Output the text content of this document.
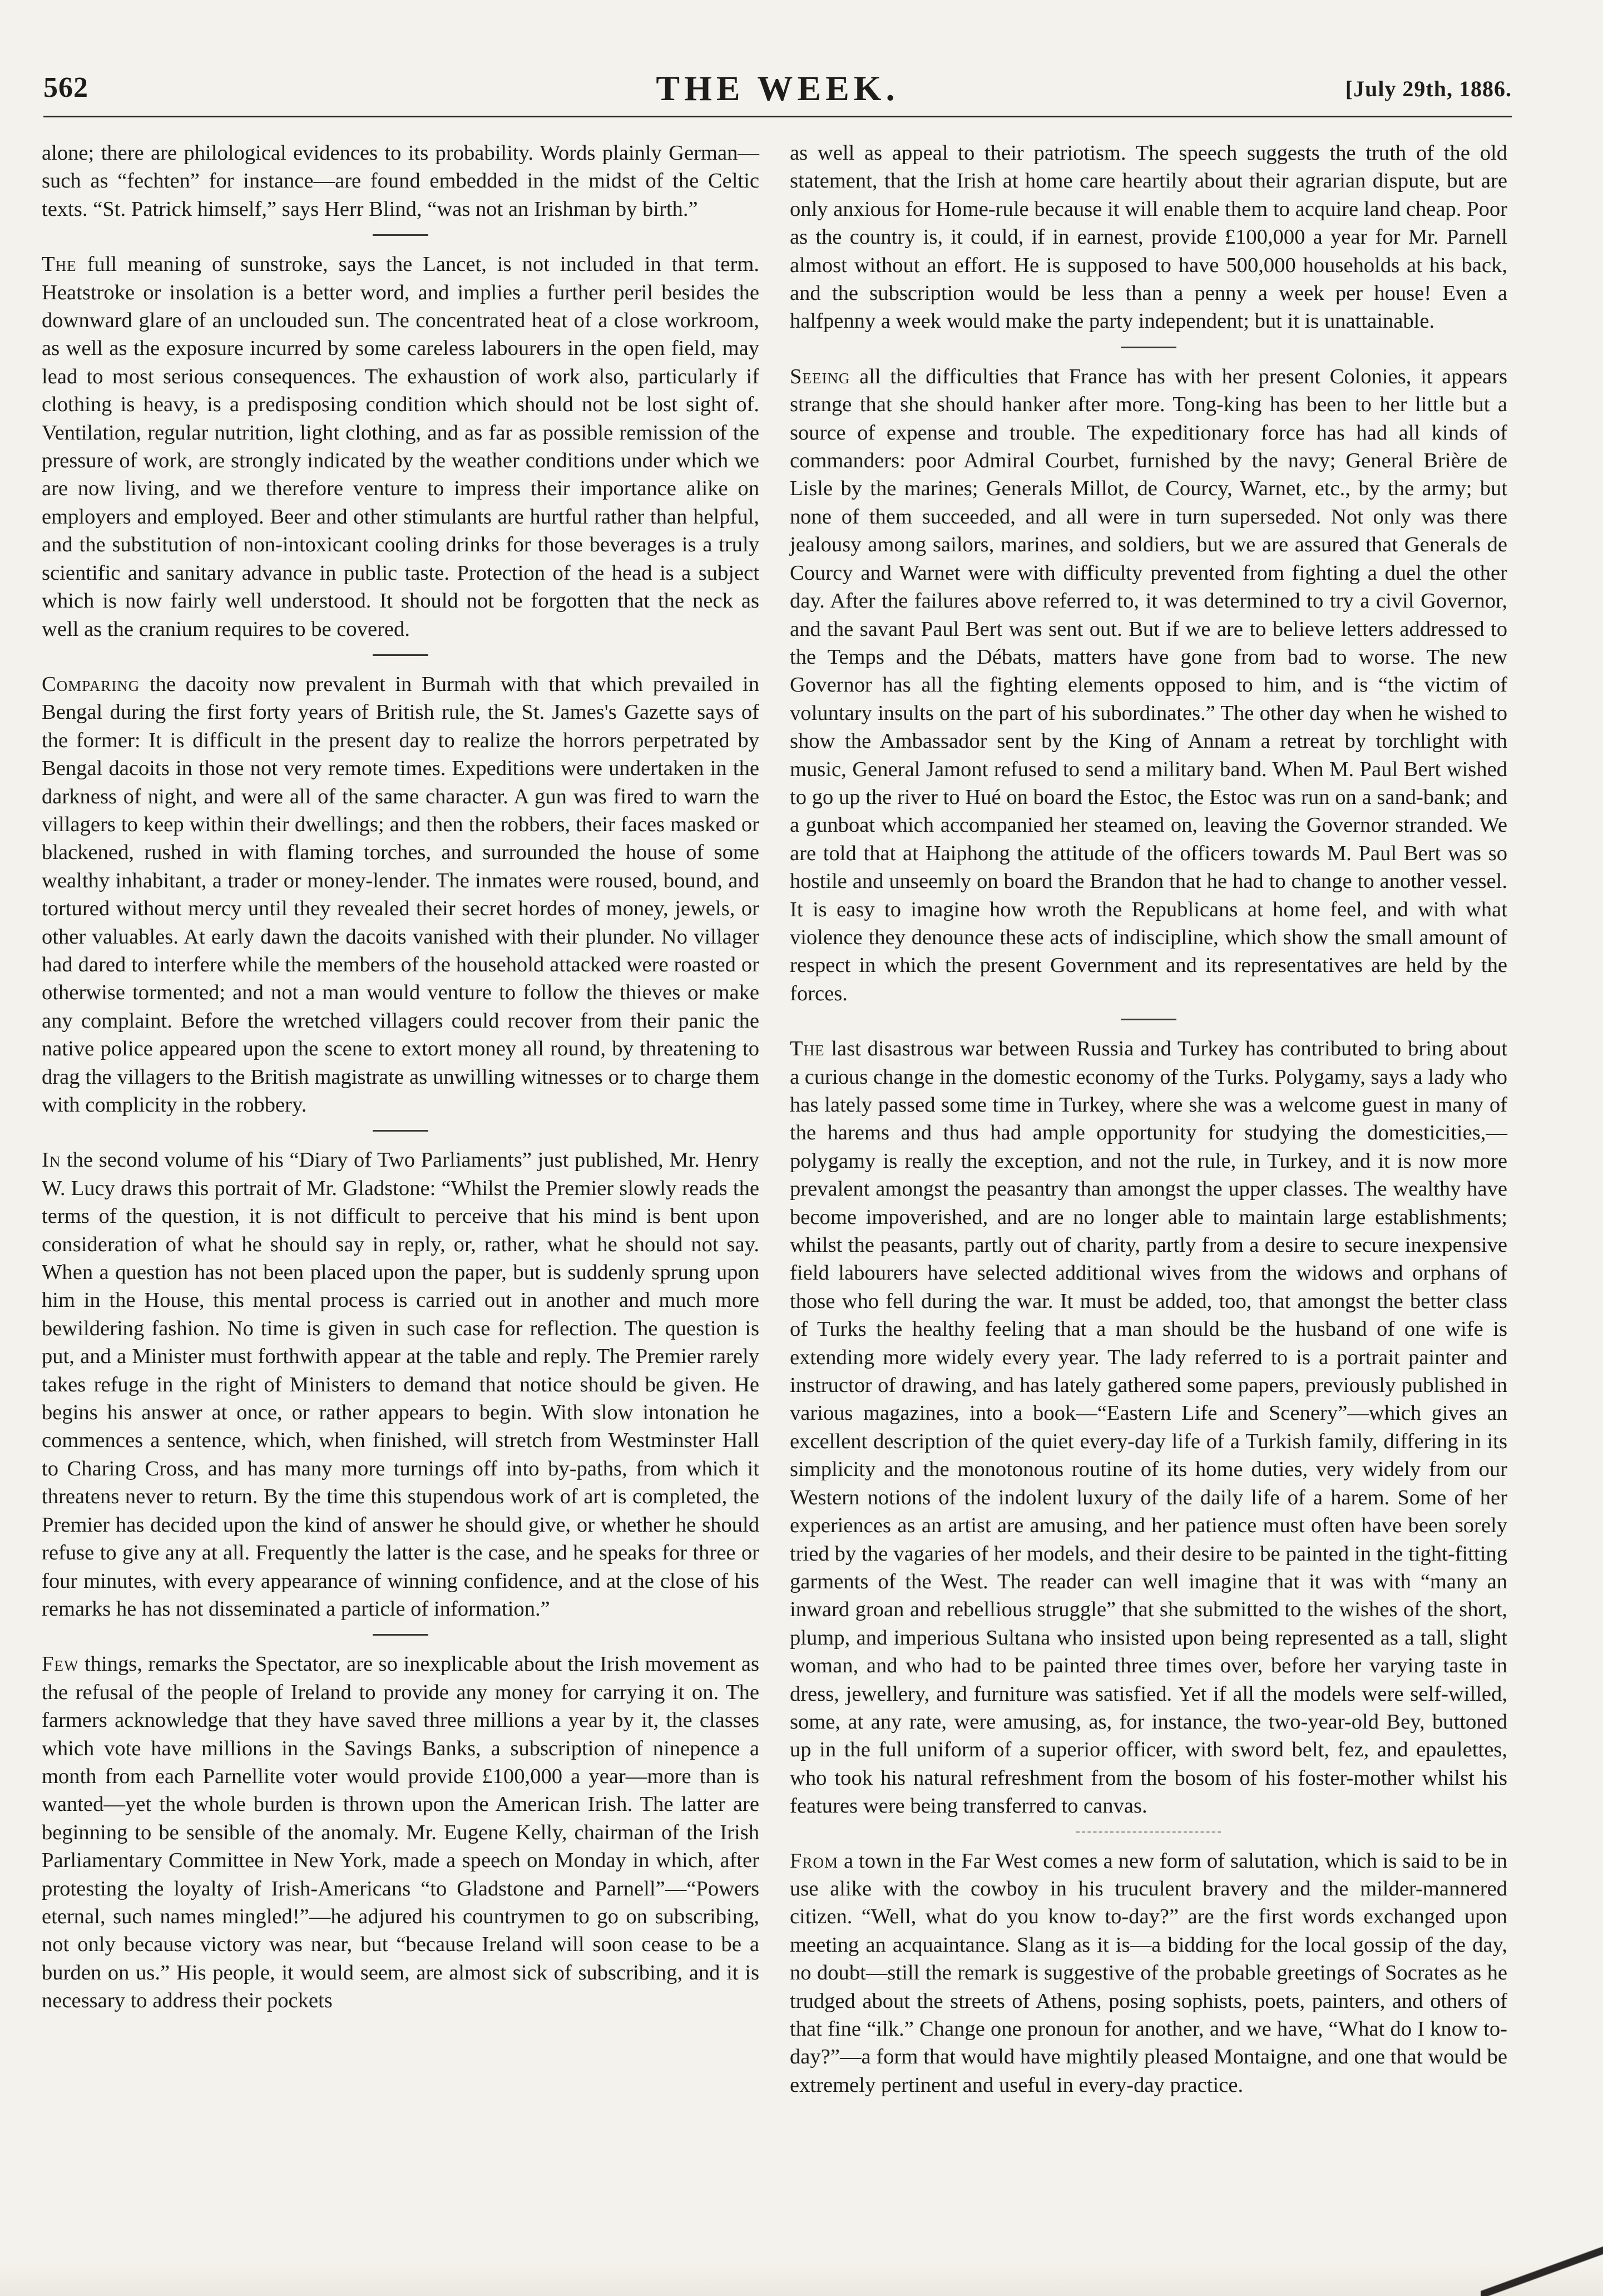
562	THE WEEK.	[July 29th, 1886.

alone; there are philological evidences to its probability. Words plainly German—such as “fechten” for instance—are found embedded in the midst of the Celtic texts. “St. Patrick himself,” says Herr Blind, “was not an Irishman by birth.”

The full meaning of sunstroke, says the Lancet, is not included in that term. Heatstroke or insolation is a better word, and implies a further peril besides the downward glare of an unclouded sun. The concentrated heat of a close workroom, as well as the exposure incurred by some careless labourers in the open field, may lead to most serious consequences. The exhaustion of work also, particularly if clothing is heavy, is a predisposing condition which should not be lost sight of. Ventilation, regular nutrition, light clothing, and as far as possible remission of the pressure of work, are strongly indicated by the weather conditions under which we are now living, and we therefore venture to impress their importance alike on employers and employed. Beer and other stimulants are hurtful rather than helpful, and the substitution of non-intoxicant cooling drinks for those beverages is a truly scientific and sanitary advance in public taste. Protection of the head is a subject which is now fairly well understood. It should not be forgotten that the neck as well as the cranium requires to be covered.

Comparing the dacoity now prevalent in Burmah with that which prevailed in Bengal during the first forty years of British rule, the St. James's Gazette says of the former: It is difficult in the present day to realize the horrors perpetrated by Bengal dacoits in those not very remote times. Expeditions were undertaken in the darkness of night, and were all of the same character. A gun was fired to warn the villagers to keep within their dwellings; and then the robbers, their faces masked or blackened, rushed in with flaming torches, and surrounded the house of some wealthy inhabitant, a trader or money-lender. The inmates were roused, bound, and tortured without mercy until they revealed their secret hordes of money, jewels, or other valuables. At early dawn the dacoits vanished with their plunder. No villager had dared to interfere while the members of the household attacked were roasted or otherwise tormented; and not a man would venture to follow the thieves or make any complaint. Before the wretched villagers could recover from their panic the native police appeared upon the scene to extort money all round, by threatening to drag the villagers to the British magistrate as unwilling witnesses or to charge them with complicity in the robbery.

In the second volume of his “Diary of Two Parliaments” just published, Mr. Henry W. Lucy draws this portrait of Mr. Gladstone: “Whilst the Premier slowly reads the terms of the question, it is not difficult to perceive that his mind is bent upon consideration of what he should say in reply, or, rather, what he should not say. When a question has not been placed upon the paper, but is suddenly sprung upon him in the House, this mental process is carried out in another and much more bewildering fashion. No time is given in such case for reflection. The question is put, and a Minister must forthwith appear at the table and reply. The Premier rarely takes refuge in the right of Ministers to demand that notice should be given. He begins his answer at once, or rather appears to begin. With slow intonation he commences a sentence, which, when finished, will stretch from Westminster Hall to Charing Cross, and has many more turnings off into by-paths, from which it threatens never to return. By the time this stupendous work of art is completed, the Premier has decided upon the kind of answer he should give, or whether he should refuse to give any at all. Frequently the latter is the case, and he speaks for three or four minutes, with every appearance of winning confidence, and at the close of his remarks he has not disseminated a particle of information.”

Few things, remarks the Spectator, are so inexplicable about the Irish movement as the refusal of the people of Ireland to provide any money for carrying it on. The farmers acknowledge that they have saved three millions a year by it, the classes which vote have millions in the Savings Banks, a subscription of ninepence a month from each Parnellite voter would provide £100,000 a year—more than is wanted—yet the whole burden is thrown upon the American Irish. The latter are beginning to be sensible of the anomaly. Mr. Eugene Kelly, chairman of the Irish Parliamentary Committee in New York, made a speech on Monday in which, after protesting the loyalty of Irish-Americans “to Gladstone and Parnell”—“Powers eternal, such names mingled!”—he adjured his countrymen to go on subscribing, not only because victory was near, but “because Ireland will soon cease to be a burden on us.” His people, it would seem, are almost sick of subscribing, and it is necessary to address their pockets

as well as appeal to their patriotism. The speech suggests the truth of the old statement, that the Irish at home care heartily about their agrarian dispute, but are only anxious for Home-rule because it will enable them to acquire land cheap. Poor as the country is, it could, if in earnest, provide £100,000 a year for Mr. Parnell almost without an effort. He is supposed to have 500,000 households at his back, and the subscription would be less than a penny a week per house! Even a halfpenny a week would make the party independent; but it is unattainable.

Seeing all the difficulties that France has with her present Colonies, it appears strange that she should hanker after more. Tong-king has been to her little but a source of expense and trouble. The expeditionary force has had all kinds of commanders: poor Admiral Courbet, furnished by the navy; General Brière de Lisle by the marines; Generals Millot, de Courcy, Warnet, etc., by the army; but none of them succeeded, and all were in turn superseded. Not only was there jealousy among sailors, marines, and soldiers, but we are assured that Generals de Courcy and Warnet were with difficulty prevented from fighting a duel the other day. After the failures above referred to, it was determined to try a civil Governor, and the savant Paul Bert was sent out. But if we are to believe letters addressed to the Temps and the Débats, matters have gone from bad to worse. The new Governor has all the fighting elements opposed to him, and is “the victim of voluntary insults on the part of his subordinates.” The other day when he wished to show the Ambassador sent by the King of Annam a retreat by torchlight with music, General Jamont refused to send a military band. When M. Paul Bert wished to go up the river to Hué on board the Estoc, the Estoc was run on a sand-bank; and a gunboat which accompanied her steamed on, leaving the Governor stranded. We are told that at Haiphong the attitude of the officers towards M. Paul Bert was so hostile and unseemly on board the Brandon that he had to change to another vessel. It is easy to imagine how wroth the Republicans at home feel, and with what violence they denounce these acts of indiscipline, which show the small amount of respect in which the present Government and its representatives are held by the forces.

The last disastrous war between Russia and Turkey has contributed to bring about a curious change in the domestic economy of the Turks. Polygamy, says a lady who has lately passed some time in Turkey, where she was a welcome guest in many of the harems and thus had ample opportunity for studying the domesticities,—polygamy is really the exception, and not the rule, in Turkey, and it is now more prevalent amongst the peasantry than amongst the upper classes. The wealthy have become impoverished, and are no longer able to maintain large establishments; whilst the peasants, partly out of charity, partly from a desire to secure inexpensive field labourers have selected additional wives from the widows and orphans of those who fell during the war. It must be added, too, that amongst the better class of Turks the healthy feeling that a man should be the husband of one wife is extending more widely every year. The lady referred to is a portrait painter and instructor of drawing, and has lately gathered some papers, previously published in various magazines, into a book—“Eastern Life and Scenery”—which gives an excellent description of the quiet every-day life of a Turkish family, differing in its simplicity and the monotonous routine of its home duties, very widely from our Western notions of the indolent luxury of the daily life of a harem. Some of her experiences as an artist are amusing, and her patience must often have been sorely tried by the vagaries of her models, and their desire to be painted in the tight-fitting garments of the West. The reader can well imagine that it was with “many an inward groan and rebellious struggle” that she submitted to the wishes of the short, plump, and imperious Sultana who insisted upon being represented as a tall, slight woman, and who had to be painted three times over, before her varying taste in dress, jewellery, and furniture was satisfied. Yet if all the models were self-willed, some, at any rate, were amusing, as, for instance, the two-year-old Bey, buttoned up in the full uniform of a superior officer, with sword belt, fez, and epaulettes, who took his natural refreshment from the bosom of his foster-mother whilst his features were being transferred to canvas.

From a town in the Far West comes a new form of salutation, which is said to be in use alike with the cowboy in his truculent bravery and the milder-mannered citizen. “Well, what do you know to-day?” are the first words exchanged upon meeting an acquaintance. Slang as it is—a bidding for the local gossip of the day, no doubt—still the remark is suggestive of the probable greetings of Socrates as he trudged about the streets of Athens, posing sophists, poets, painters, and others of that fine “ilk.” Change one pronoun for another, and we have, “What do I know to-day?”—a form that would have mightily pleased Montaigne, and one that would be extremely pertinent and useful in every-day practice.
